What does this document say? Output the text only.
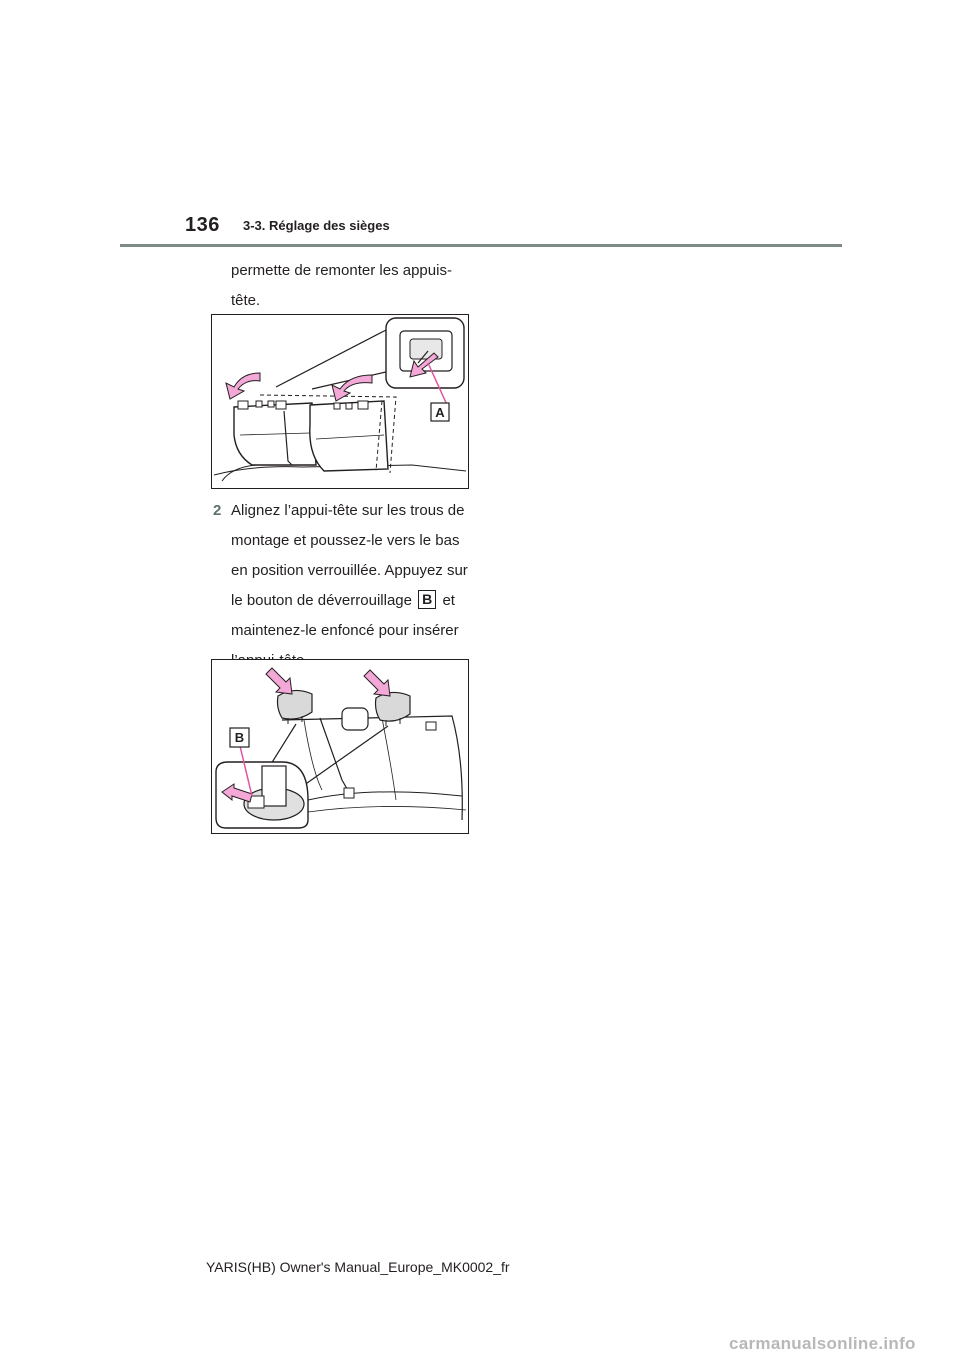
136 3-3. Réglage des sièges
permette de remonter les appuis-
tête.
A
2 Alignez l’appui-tête sur les trous de
montage et poussez-le vers le bas
en position verrouillée. Appuyez sur
le bouton de déverrouillage B et
maintenez-le enfoncé pour insérer
B
YARIS(HB) Owner's Manual_Europe_MK0002_fr
carmanualsonline.info
